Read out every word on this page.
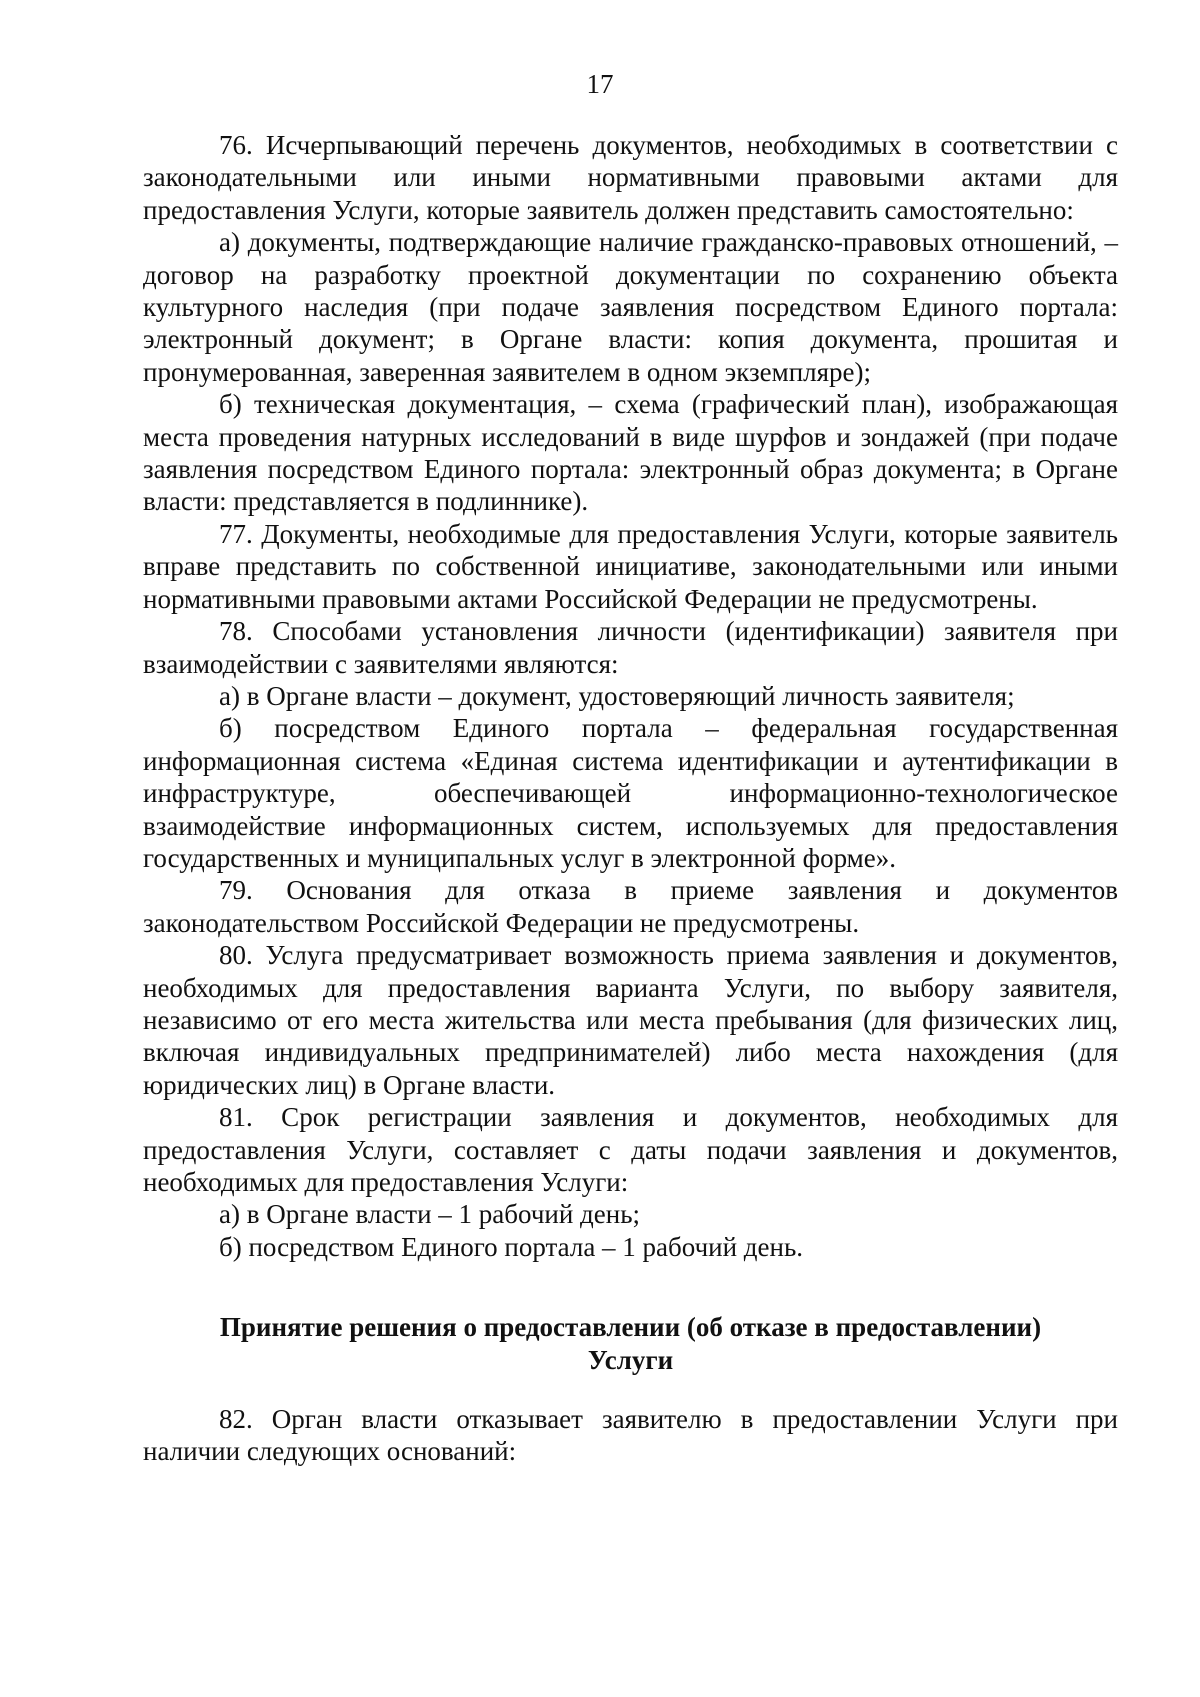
17

76. Исчерпывающий перечень документов, необходимых в соответствии с законодательными или иными нормативными правовыми актами для предоставления Услуги, которые заявитель должен представить самостоятельно:

а) документы, подтверждающие наличие гражданско-правовых отношений, – договор на разработку проектной документации по сохранению объекта культурного наследия (при подаче заявления посредством Единого портала: электронный документ; в Органе власти: копия документа, прошитая и пронумерованная, заверенная заявителем в одном экземпляре);

б) техническая документация, – схема (графический план), изображающая места проведения натурных исследований в виде шурфов и зондажей (при подаче заявления посредством Единого портала: электронный образ документа; в Органе власти: представляется в подлиннике).

77. Документы, необходимые для предоставления Услуги, которые заявитель вправе представить по собственной инициативе, законодательными или иными нормативными правовыми актами Российской Федерации не предусмотрены.

78. Способами установления личности (идентификации) заявителя при взаимодействии с заявителями являются:

а) в Органе власти – документ, удостоверяющий личность заявителя;

б) посредством Единого портала – федеральная государственная информационная система «Единая система идентификации и аутентификации в инфраструктуре, обеспечивающей информационно-технологическое взаимодействие информационных систем, используемых для предоставления государственных и муниципальных услуг в электронной форме».

79. Основания для отказа в приеме заявления и документов законодательством Российской Федерации не предусмотрены.

80. Услуга предусматривает возможность приема заявления и документов, необходимых для предоставления варианта Услуги, по выбору заявителя, независимо от его места жительства или места пребывания (для физических лиц, включая индивидуальных предпринимателей) либо места нахождения (для юридических лиц) в Органе власти.

81. Срок регистрации заявления и документов, необходимых для предоставления Услуги, составляет с даты подачи заявления и документов, необходимых для предоставления Услуги:

а) в Органе власти – 1 рабочий день;

б) посредством Единого портала – 1 рабочий день.

Принятие решения о предоставлении (об отказе в предоставлении)
Услуги

82. Орган власти отказывает заявителю в предоставлении Услуги при наличии следующих оснований:
